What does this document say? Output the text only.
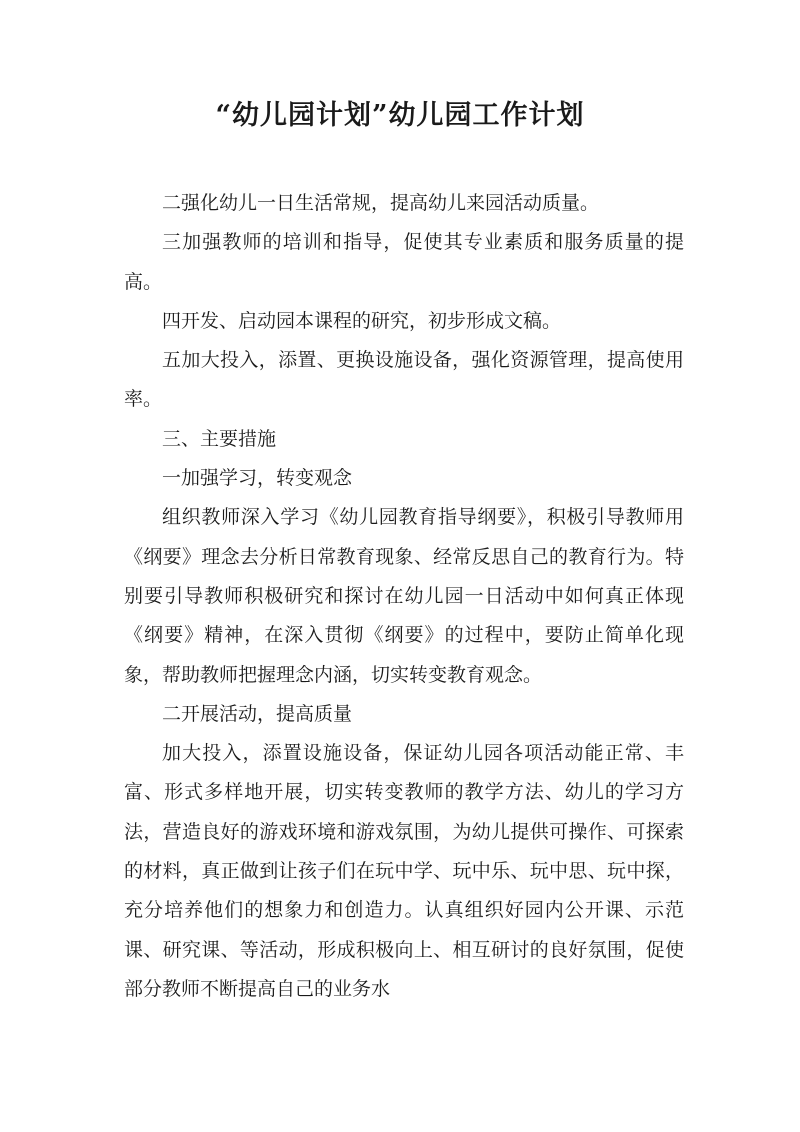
“幼儿园计划”幼儿园工作计划

二强化幼儿一日生活常规，提高幼儿来园活动质量。

三加强教师的培训和指导，促使其专业素质和服务质量的提高。

四开发、启动园本课程的研究，初步形成文稿。

五加大投入，添置、更换设施设备，强化资源管理，提高使用率。

三、主要措施

一加强学习，转变观念

组织教师深入学习《幼儿园教育指导纲要》，积极引导教师用《纲要》理念去分析日常教育现象、经常反思自己的教育行为。特别要引导教师积极研究和探讨在幼儿园一日活动中如何真正体现《纲要》精神，在深入贯彻《纲要》的过程中，要防止简单化现象，帮助教师把握理念内涵，切实转变教育观念。

二开展活动，提高质量

加大投入，添置设施设备，保证幼儿园各项活动能正常、丰富、形式多样地开展，切实转变教师的教学方法、幼儿的学习方法，营造良好的游戏环境和游戏氛围，为幼儿提供可操作、可探索的材料，真正做到让孩子们在玩中学、玩中乐、玩中思、玩中探，充分培养他们的想象力和创造力。认真组织好园内公开课、示范课、研究课、等活动，形成积极向上、相互研讨的良好氛围，促使部分教师不断提高自己的业务水
